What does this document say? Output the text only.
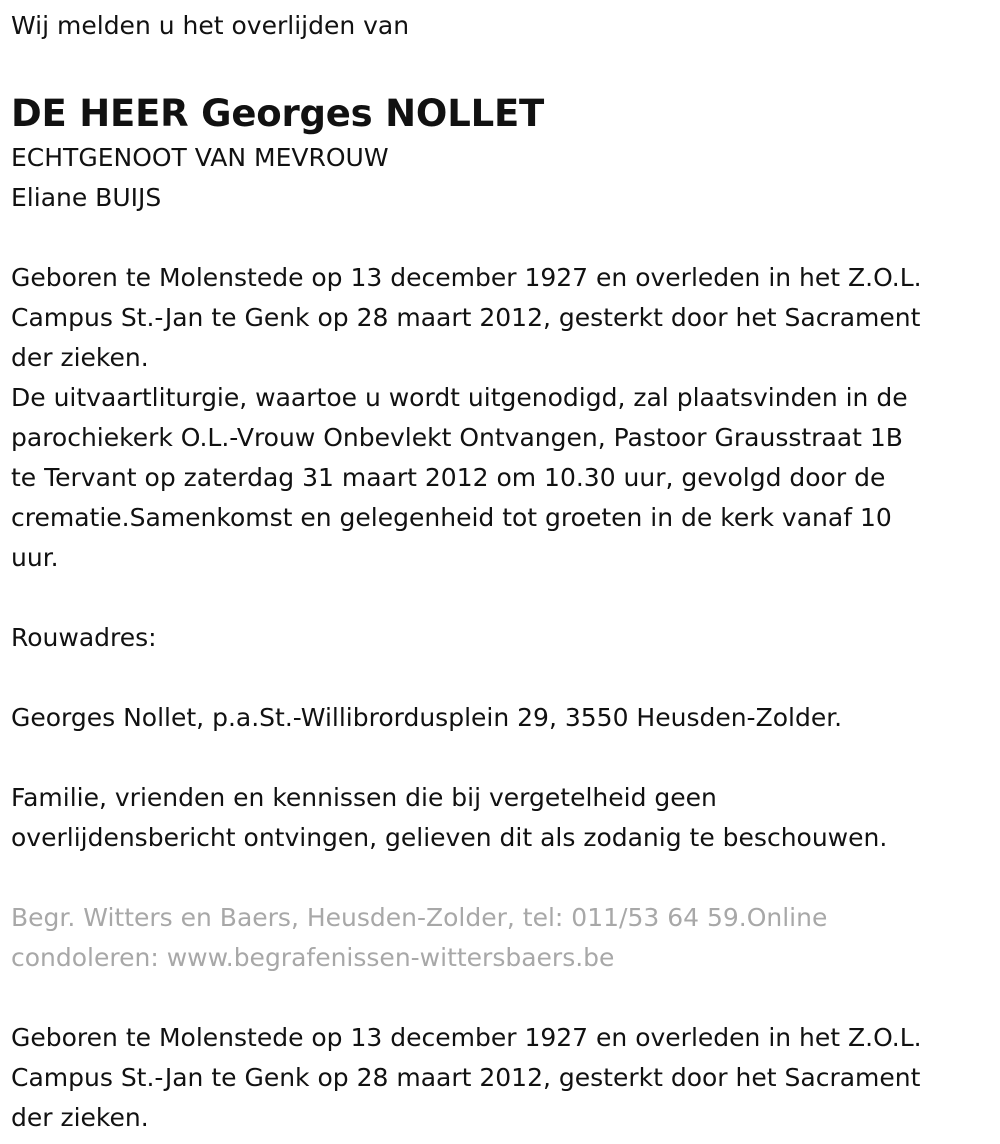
Wij melden u het overlijden van
DE HEER Georges NOLLET
ECHTGENOOT VAN MEVROUW
Eliane BUIJS
Geboren te Molenstede op 13 december 1927 en overleden in het Z.O.L.
Campus St.-Jan te Genk op 28 maart 2012, gesterkt door het Sacrament
der zieken.
De uitvaartliturgie, waartoe u wordt uitgenodigd, zal plaatsvinden in de
parochiekerk O.L.-Vrouw Onbevlekt Ontvangen, Pastoor Grausstraat 1B
te Tervant op zaterdag 31 maart 2012 om 10.30 uur, gevolgd door de
crematie.Samenkomst en gelegenheid tot groeten in de kerk vanaf 10
uur.
Rouwadres:
Georges Nollet, p.a.St.-Willibrordusplein 29, 3550 Heusden-Zolder.
Familie, vrienden en kennissen die bij vergetelheid geen
overlijdensbericht ontvingen, gelieven dit als zodanig te beschouwen.
Begr. Witters en Baers, Heusden-Zolder, tel: 011/53 64 59.Online
condoleren: www.begrafenissen-wittersbaers.be
Geboren te Molenstede op 13 december 1927 en overleden in het Z.O.L.
Campus St.-Jan te Genk op 28 maart 2012, gesterkt door het Sacrament
der zieken.
